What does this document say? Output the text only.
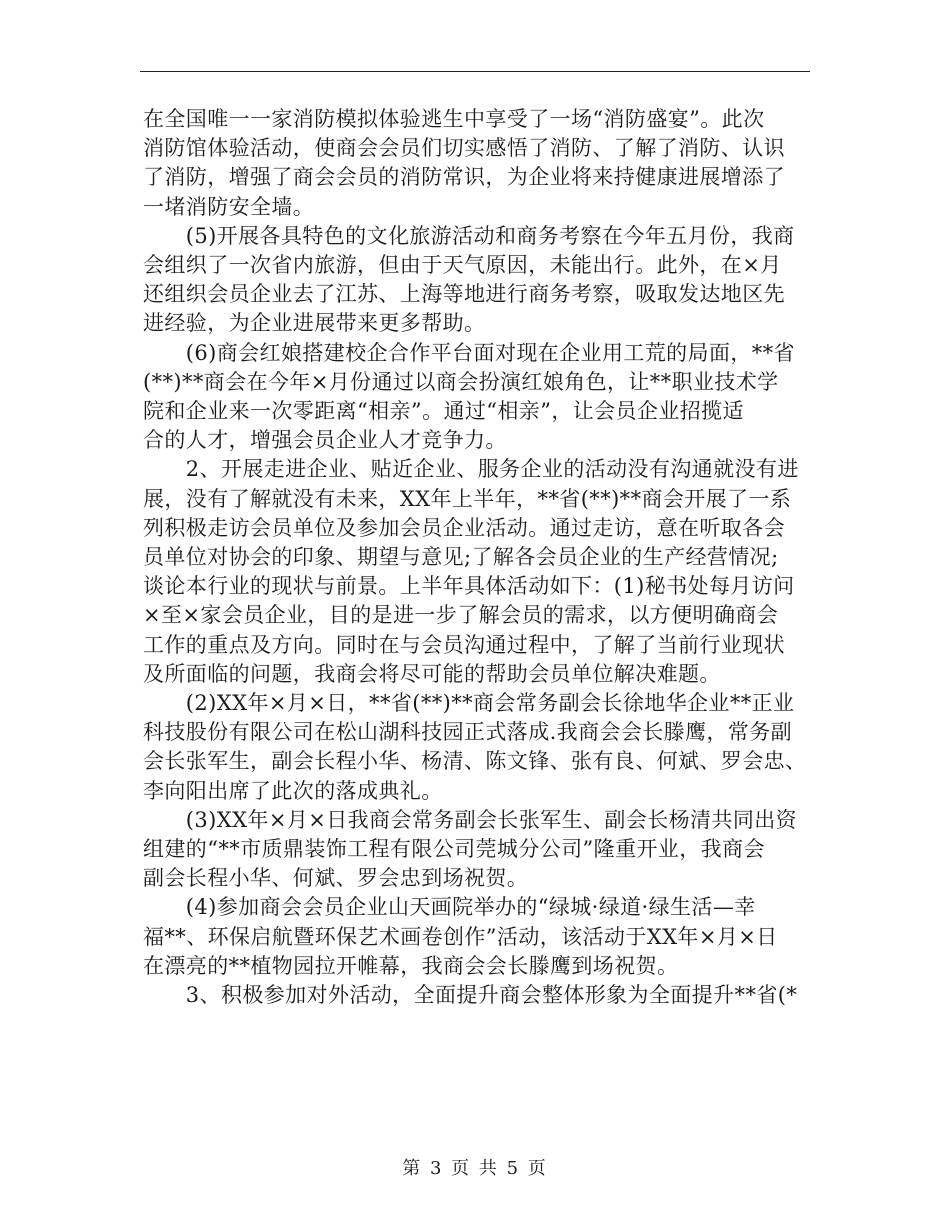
在全国唯一一家消防模拟体验逃生中享受了一场“消防盛宴”。此次
消防馆体验活动，使商会会员们切实感悟了消防、了解了消防、认识
了消防，增强了商会会员的消防常识，为企业将来持健康进展增添了
一堵消防安全墙。
　　(5)开展各具特色的文化旅游活动和商务考察在今年五月份，我商
会组织了一次省内旅游，但由于天气原因，未能出行。此外，在×月
还组织会员企业去了江苏、上海等地进行商务考察，吸取发达地区先
进经验，为企业进展带来更多帮助。
　　(6)商会红娘搭建校企合作平台面对现在企业用工荒的局面，**省
(**)**商会在今年×月份通过以商会扮演红娘角色，让**职业技术学
院和企业来一次零距离“相亲”。通过“相亲”，让会员企业招揽适
合的人才，增强会员企业人才竞争力。
　　2、开展走进企业、贴近企业、服务企业的活动没有沟通就没有进
展，没有了解就没有未来，XX年上半年，**省(**)**商会开展了一系
列积极走访会员单位及参加会员企业活动。通过走访，意在听取各会
员单位对协会的印象、期望与意见;了解各会员企业的生产经营情况;
谈论本行业的现状与前景。上半年具体活动如下：(1)秘书处每月访问
×至×家会员企业，目的是进一步了解会员的需求，以方便明确商会
工作的重点及方向。同时在与会员沟通过程中，了解了当前行业现状
及所面临的问题，我商会将尽可能的帮助会员单位解决难题。
　　(2)XX年×月×日，**省(**)**商会常务副会长徐地华企业**正业
科技股份有限公司在松山湖科技园正式落成.我商会会长滕鹰，常务副
会长张军生，副会长程小华、杨清、陈文锋、张有良、何斌、罗会忠、
李向阳出席了此次的落成典礼。
　　(3)XX年×月×日我商会常务副会长张军生、副会长杨清共同出资
组建的“**市质鼎装饰工程有限公司莞城分公司”隆重开业，我商会
副会长程小华、何斌、罗会忠到场祝贺。
　　(4)参加商会会员企业山天画院举办的“绿城·绿道·绿生活—幸
福**、环保启航暨环保艺术画卷创作”活动，该活动于XX年×月×日
在漂亮的**植物园拉开帷幕，我商会会长滕鹰到场祝贺。
　　3、积极参加对外活动，全面提升商会整体形象为全面提升**省(*
第 3 页 共 5 页
